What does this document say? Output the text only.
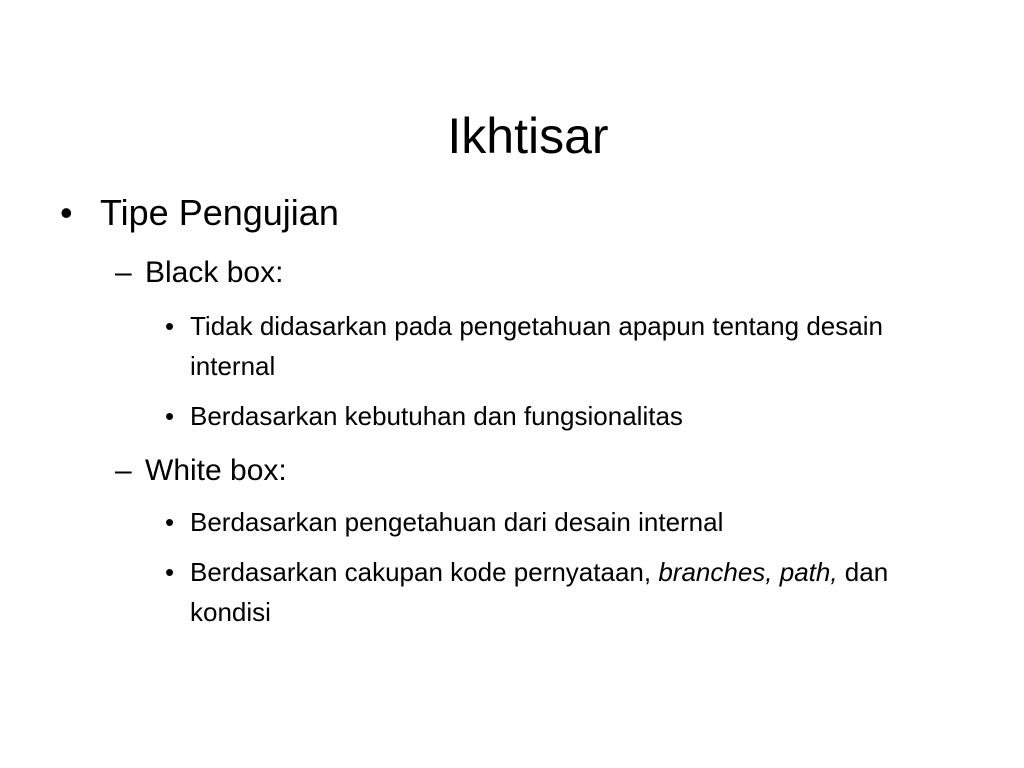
Ikhtisar
• Tipe Pengujian
– Black box:
• Tidak didasarkan pada pengetahuan apapun tentang desain internal
• Berdasarkan kebutuhan dan fungsionalitas
– White box:
• Berdasarkan pengetahuan dari desain internal
• Berdasarkan cakupan kode pernyataan, branches, path, dan kondisi
